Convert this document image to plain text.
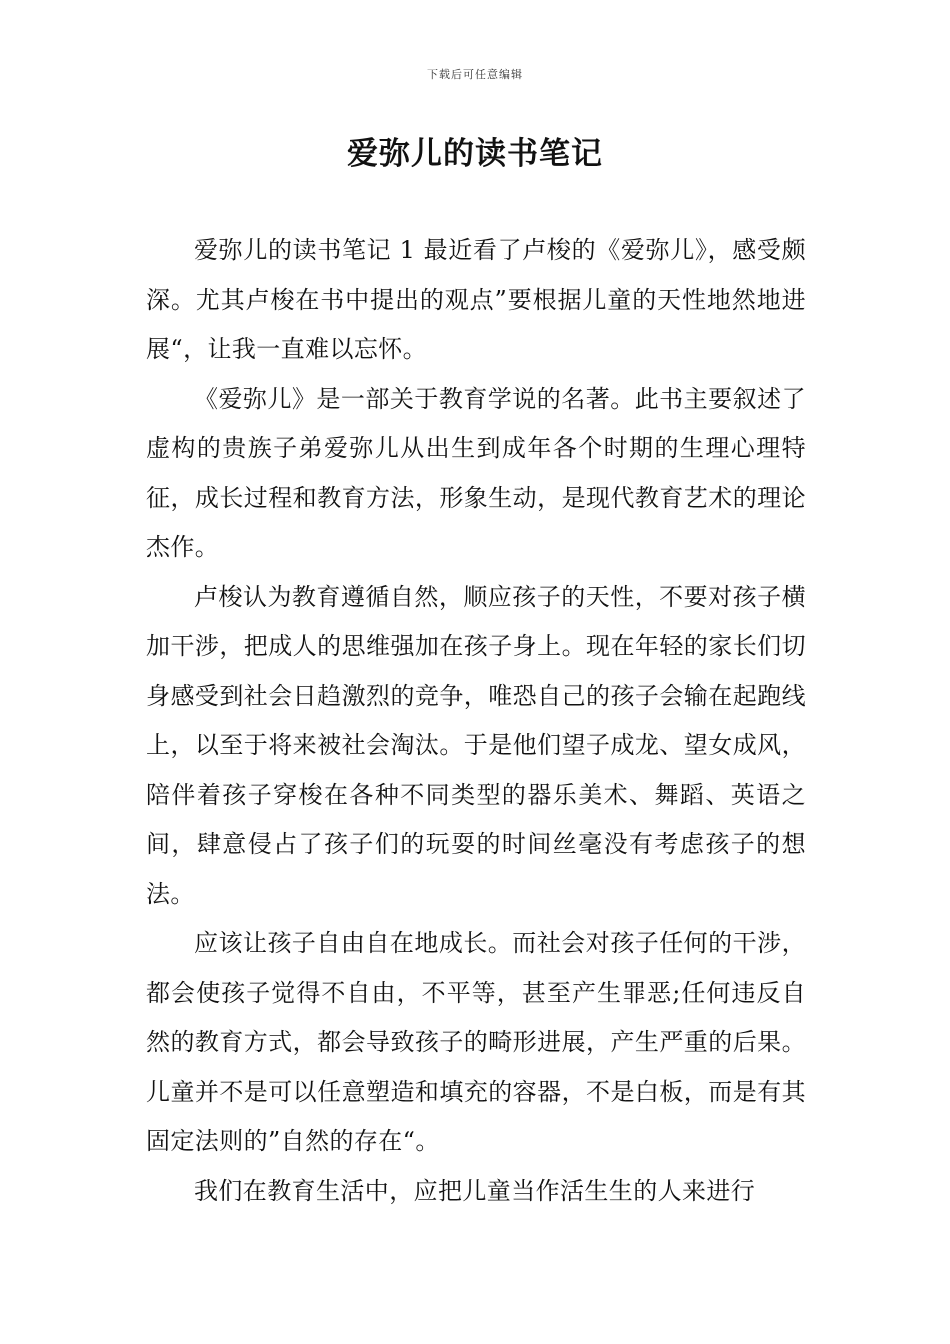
下载后可任意编辑
爱弥儿的读书笔记

爱弥儿的读书笔记 1 最近看了卢梭的《爱弥儿》，感受颇深。尤其卢梭在书中提出的观点”要根据儿童的天性地然地进展“，让我一直难以忘怀。

《爱弥儿》是一部关于教育学说的名著。此书主要叙述了虚构的贵族子弟爱弥儿从出生到成年各个时期的生理心理特征，成长过程和教育方法，形象生动，是现代教育艺术的理论杰作。

卢梭认为教育遵循自然，顺应孩子的天性，不要对孩子横加干涉，把成人的思维强加在孩子身上。现在年轻的家长们切身感受到社会日趋激烈的竞争，唯恐自己的孩子会输在起跑线上，以至于将来被社会淘汰。于是他们望子成龙、望女成风，陪伴着孩子穿梭在各种不同类型的器乐美术、舞蹈、英语之间，肆意侵占了孩子们的玩耍的时间丝毫没有考虑孩子的想法。

应该让孩子自由自在地成长。而社会对孩子任何的干涉，都会使孩子觉得不自由，不平等，甚至产生罪恶;任何违反自然的教育方式，都会导致孩子的畸形进展，产生严重的后果。儿童并不是可以任意塑造和填充的容器，不是白板，而是有其固定法则的”自然的存在“。

我们在教育生活中，应把儿童当作活生生的人来进行
